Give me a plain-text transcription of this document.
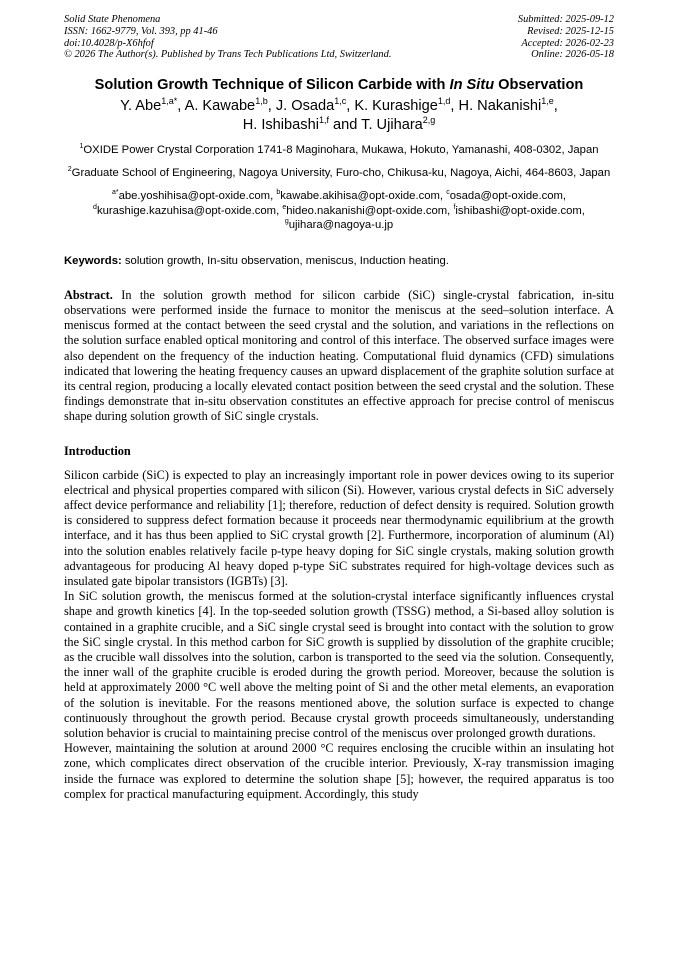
Solid State Phenomena
ISSN: 1662-9779, Vol. 393, pp 41-46
doi:10.4028/p-X6hfof
© 2026 The Author(s). Published by Trans Tech Publications Ltd, Switzerland.
Submitted: 2025-09-12
Revised: 2025-12-15
Accepted: 2026-02-23
Online: 2026-05-18
Solution Growth Technique of Silicon Carbide with In Situ Observation
Y. Abe$^{1,a*}$, A. Kawabe$^{1,b}$, J. Osada$^{1,c}$, K. Kurashige$^{1,d}$, H. Nakanishi$^{1,e}$,
H. Ishibashi$^{1,f}$ and T. Ujihara$^{2,g}$
$^1$OXIDE Power Crystal Corporation 1741-8 Maginohara, Mukawa, Hokuto, Yamanashi, 408-0302, Japan
$^2$Graduate School of Engineering, Nagoya University, Furo-cho, Chikusa-ku, Nagoya, Aichi, 464-8603, Japan
$^{a*}$abe.yoshihisa@opt-oxide.com, $^b$kawabe.akihisa@opt-oxide.com, $^c$osada@opt-oxide.com,
$^d$kurashige.kazuhisa@opt-oxide.com, $^e$hideo.nakanishi@opt-oxide.com, $^f$ishibashi@opt-oxide.com,
$^g$ujihara@nagoya-u.jp
Keywords: solution growth, In-situ observation, meniscus, Induction heating.
Abstract. In the solution growth method for silicon carbide (SiC) single-crystal fabrication, in-situ observations were performed inside the furnace to monitor the meniscus at the seed–solution interface. A meniscus formed at the contact between the seed crystal and the solution, and variations in the reflections on the solution surface enabled optical monitoring and control of this interface. The observed surface images were also dependent on the frequency of the induction heating. Computational fluid dynamics (CFD) simulations indicated that lowering the heating frequency causes an upward displacement of the graphite solution surface at its central region, producing a locally elevated contact position between the seed crystal and the solution. These findings demonstrate that in-situ observation constitutes an effective approach for precise control of meniscus shape during solution growth of SiC single crystals.
Introduction

Silicon carbide (SiC) is expected to play an increasingly important role in power devices owing to its superior electrical and physical properties compared with silicon (Si). However, various crystal defects in SiC adversely affect device performance and reliability [1]; therefore, reduction of defect density is required. Solution growth is considered to suppress defect formation because it proceeds near thermodynamic equilibrium at the growth interface, and it has thus been applied to SiC crystal growth [2]. Furthermore, incorporation of aluminum (Al) into the solution enables relatively facile p-type heavy doping for SiC single crystals, making solution growth advantageous for producing Al heavy doped p-type SiC substrates required for high-voltage devices such as insulated gate bipolar transistors (IGBTs) [3].

In SiC solution growth, the meniscus formed at the solution-crystal interface significantly influences crystal shape and growth kinetics [4]. In the top-seeded solution growth (TSSG) method, a Si-based alloy solution is contained in a graphite crucible, and a SiC single crystal seed is brought into contact with the solution to grow the SiC single crystal. In this method carbon for SiC growth is supplied by dissolution of the graphite crucible; as the crucible wall dissolves into the solution, carbon is transported to the seed via the solution. Consequently, the inner wall of the graphite crucible is eroded during the growth period. Moreover, because the solution is held at approximately 2000 °C well above the melting point of Si and the other metal elements, an evaporation of the solution is inevitable. For the reasons mentioned above, the solution surface is expected to change continuously throughout the growth period. Because crystal growth proceeds simultaneously, understanding solution behavior is crucial to maintaining precise control of the meniscus over prolonged growth durations.

However, maintaining the solution at around 2000 °C requires enclosing the crucible within an insulating hot zone, which complicates direct observation of the crucible interior. Previously, X-ray transmission imaging inside the furnace was explored to determine the solution shape [5]; however, the required apparatus is too complex for practical manufacturing equipment. Accordingly, this study
